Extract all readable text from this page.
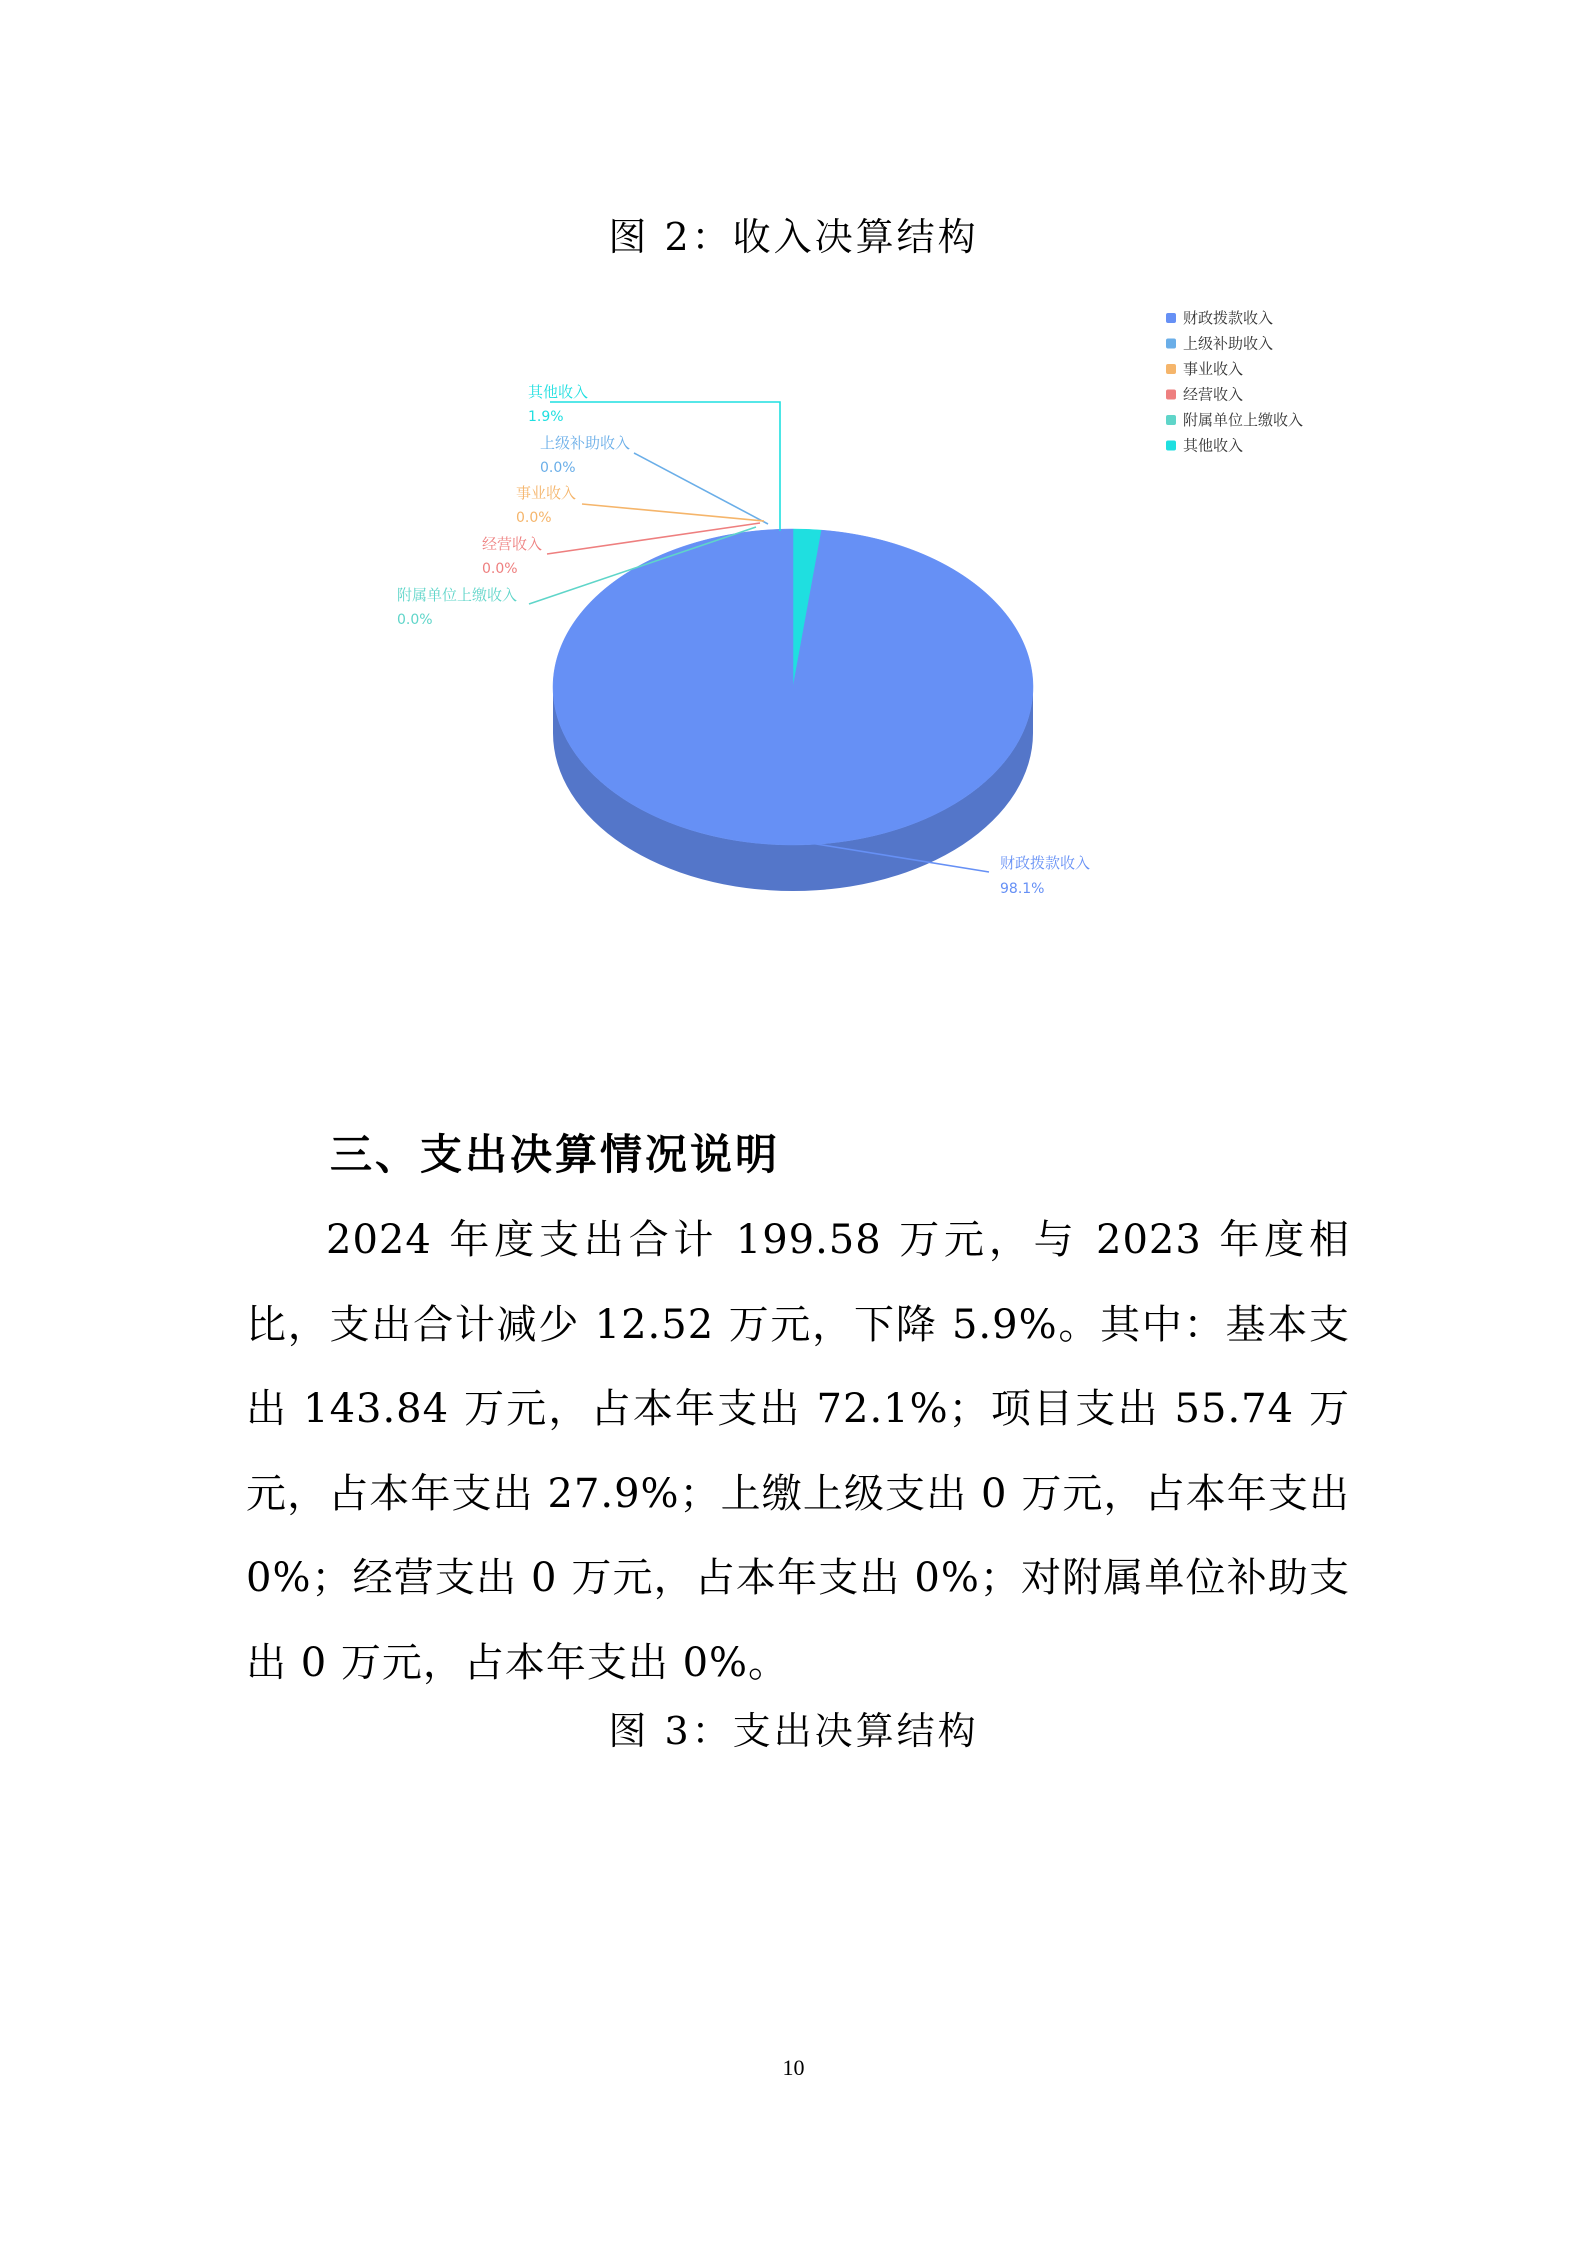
图 2：收入决算结构
其他收入
1.9%
财政拨款收入
98.1%
上级补助收入
0.0%
事业收入
0.0%
经营收入
0.0%
附属单位上缴收入
0.0%
财政拨款收入
上级补助收入
事业收入
经营收入
附属单位上缴收入
其他收入
三、支出决算情况说明
2024 年度支出合计 199.58 万元，与 2023 年度相比，支出合计减少 12.52 万元，下降 5.9%。其中：基本支出 143.84 万元，占本年支出 72.1%；项目支出 55.74 万元，占本年支出 27.9%；上缴上级支出 0 万元，占本年支出 0%；经营支出 0 万元，占本年支出 0%；对附属单位补助支出 0 万元，占本年支出 0%。
图 3：支出决算结构
10
